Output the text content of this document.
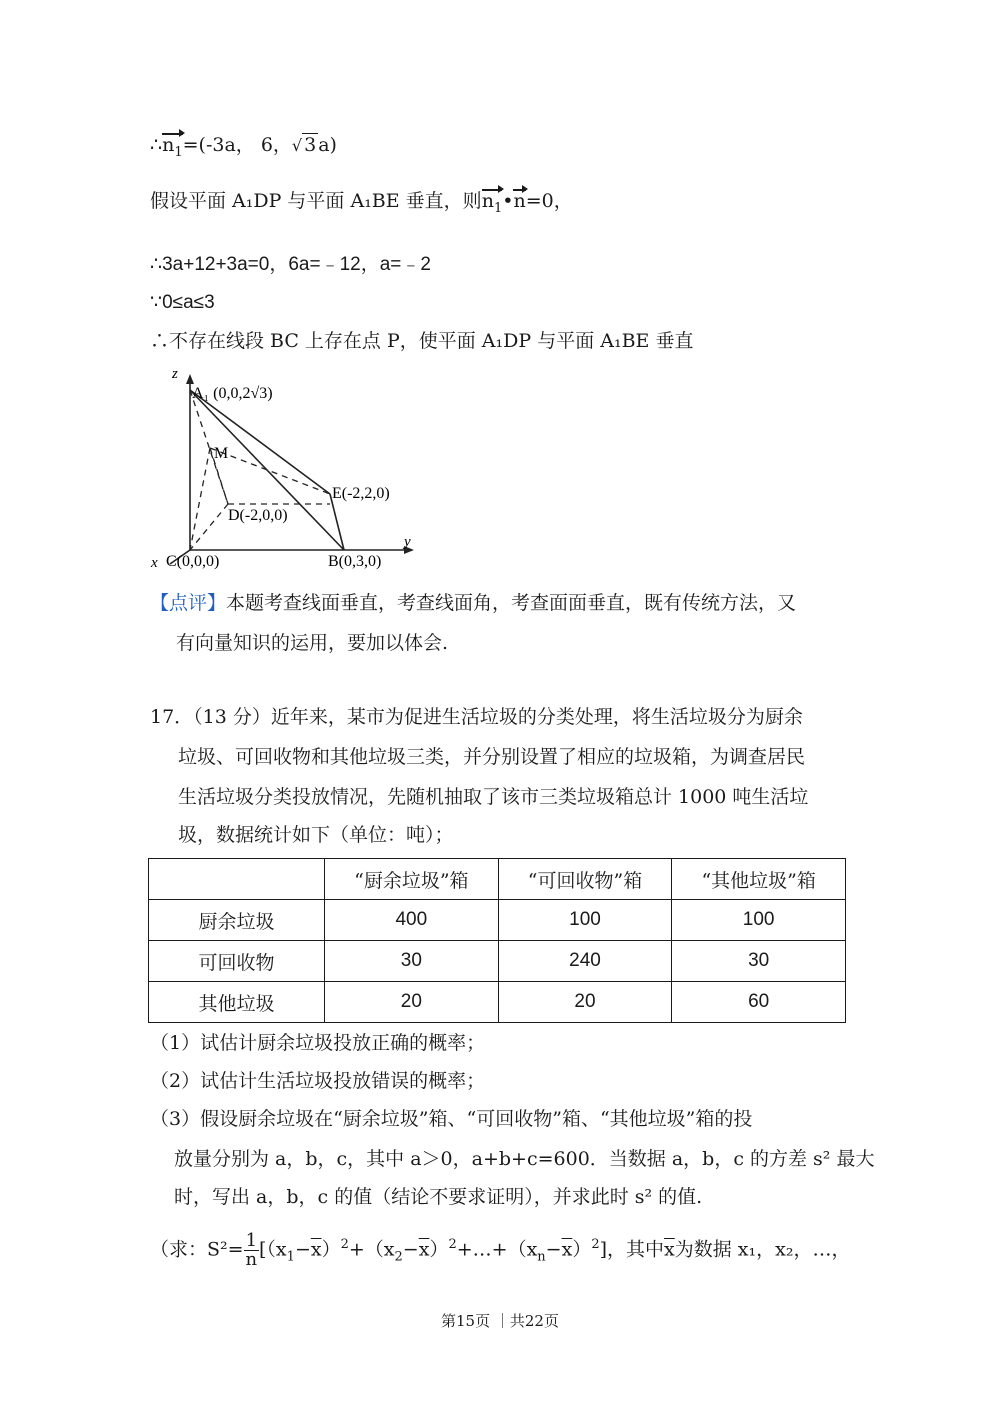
$\therefore n_1=(-3a$， 6，√ 3 a)
假设平面 A₁DP 与平面 A₁BE 垂直，则$n_1•n=0$，
∴3a+12+3a=0，6a=﹣12，a=﹣2
∵0≤a≤3
∴不存在线段 BC 上存在点 P，使平面 A₁DP 与平面 A₁BE 垂直
z
y
x
A₁ (0,0,2√3)
M
E(-2,2,0)
D(-2,0,0)
C(0,0,0)	B(0,3,0)
【点评】本题考查线面垂直，考查线面角，考查面面垂直，既有传统方法，又
有向量知识的运用，要加以体会.
17．（13 分）近年来，某市为促进生活垃圾的分类处理，将生活垃圾分为厨余
垃圾、可回收物和其他垃圾三类，并分别设置了相应的垃圾箱，为调查居民
生活垃圾分类投放情况，先随机抽取了该市三类垃圾箱总计 1000 吨生活垃
圾，数据统计如下（单位：吨）；
	“厨余垃圾”箱	“可回收物”箱	“其他垃圾”箱
厨余垃圾	400	100	100
可回收物	30	240	30
其他垃圾	20	20	60
（1）试估计厨余垃圾投放正确的概率；
（2）试估计生活垃圾投放错误的概率；
（3）假设厨余垃圾在“厨余垃圾”箱、“可回收物”箱、“其他垃圾”箱的投
放量分别为 a，b，c，其中 a＞0，a+b+c=600．当数据 a，b，c 的方差 s² 最大
时，写出 a，b，c 的值（结论不要求证明），并求此时 s² 的值.
（求：$S^2= \frac{1}{n}$ $[(x_1-\overline{x})^2+(x_2-\overline{x})^2+\dots+(x_n-\overline{x})^2]$，其中$\overline{x}$为数据 x₁，x₂，…，
第15页 ｜共22页
